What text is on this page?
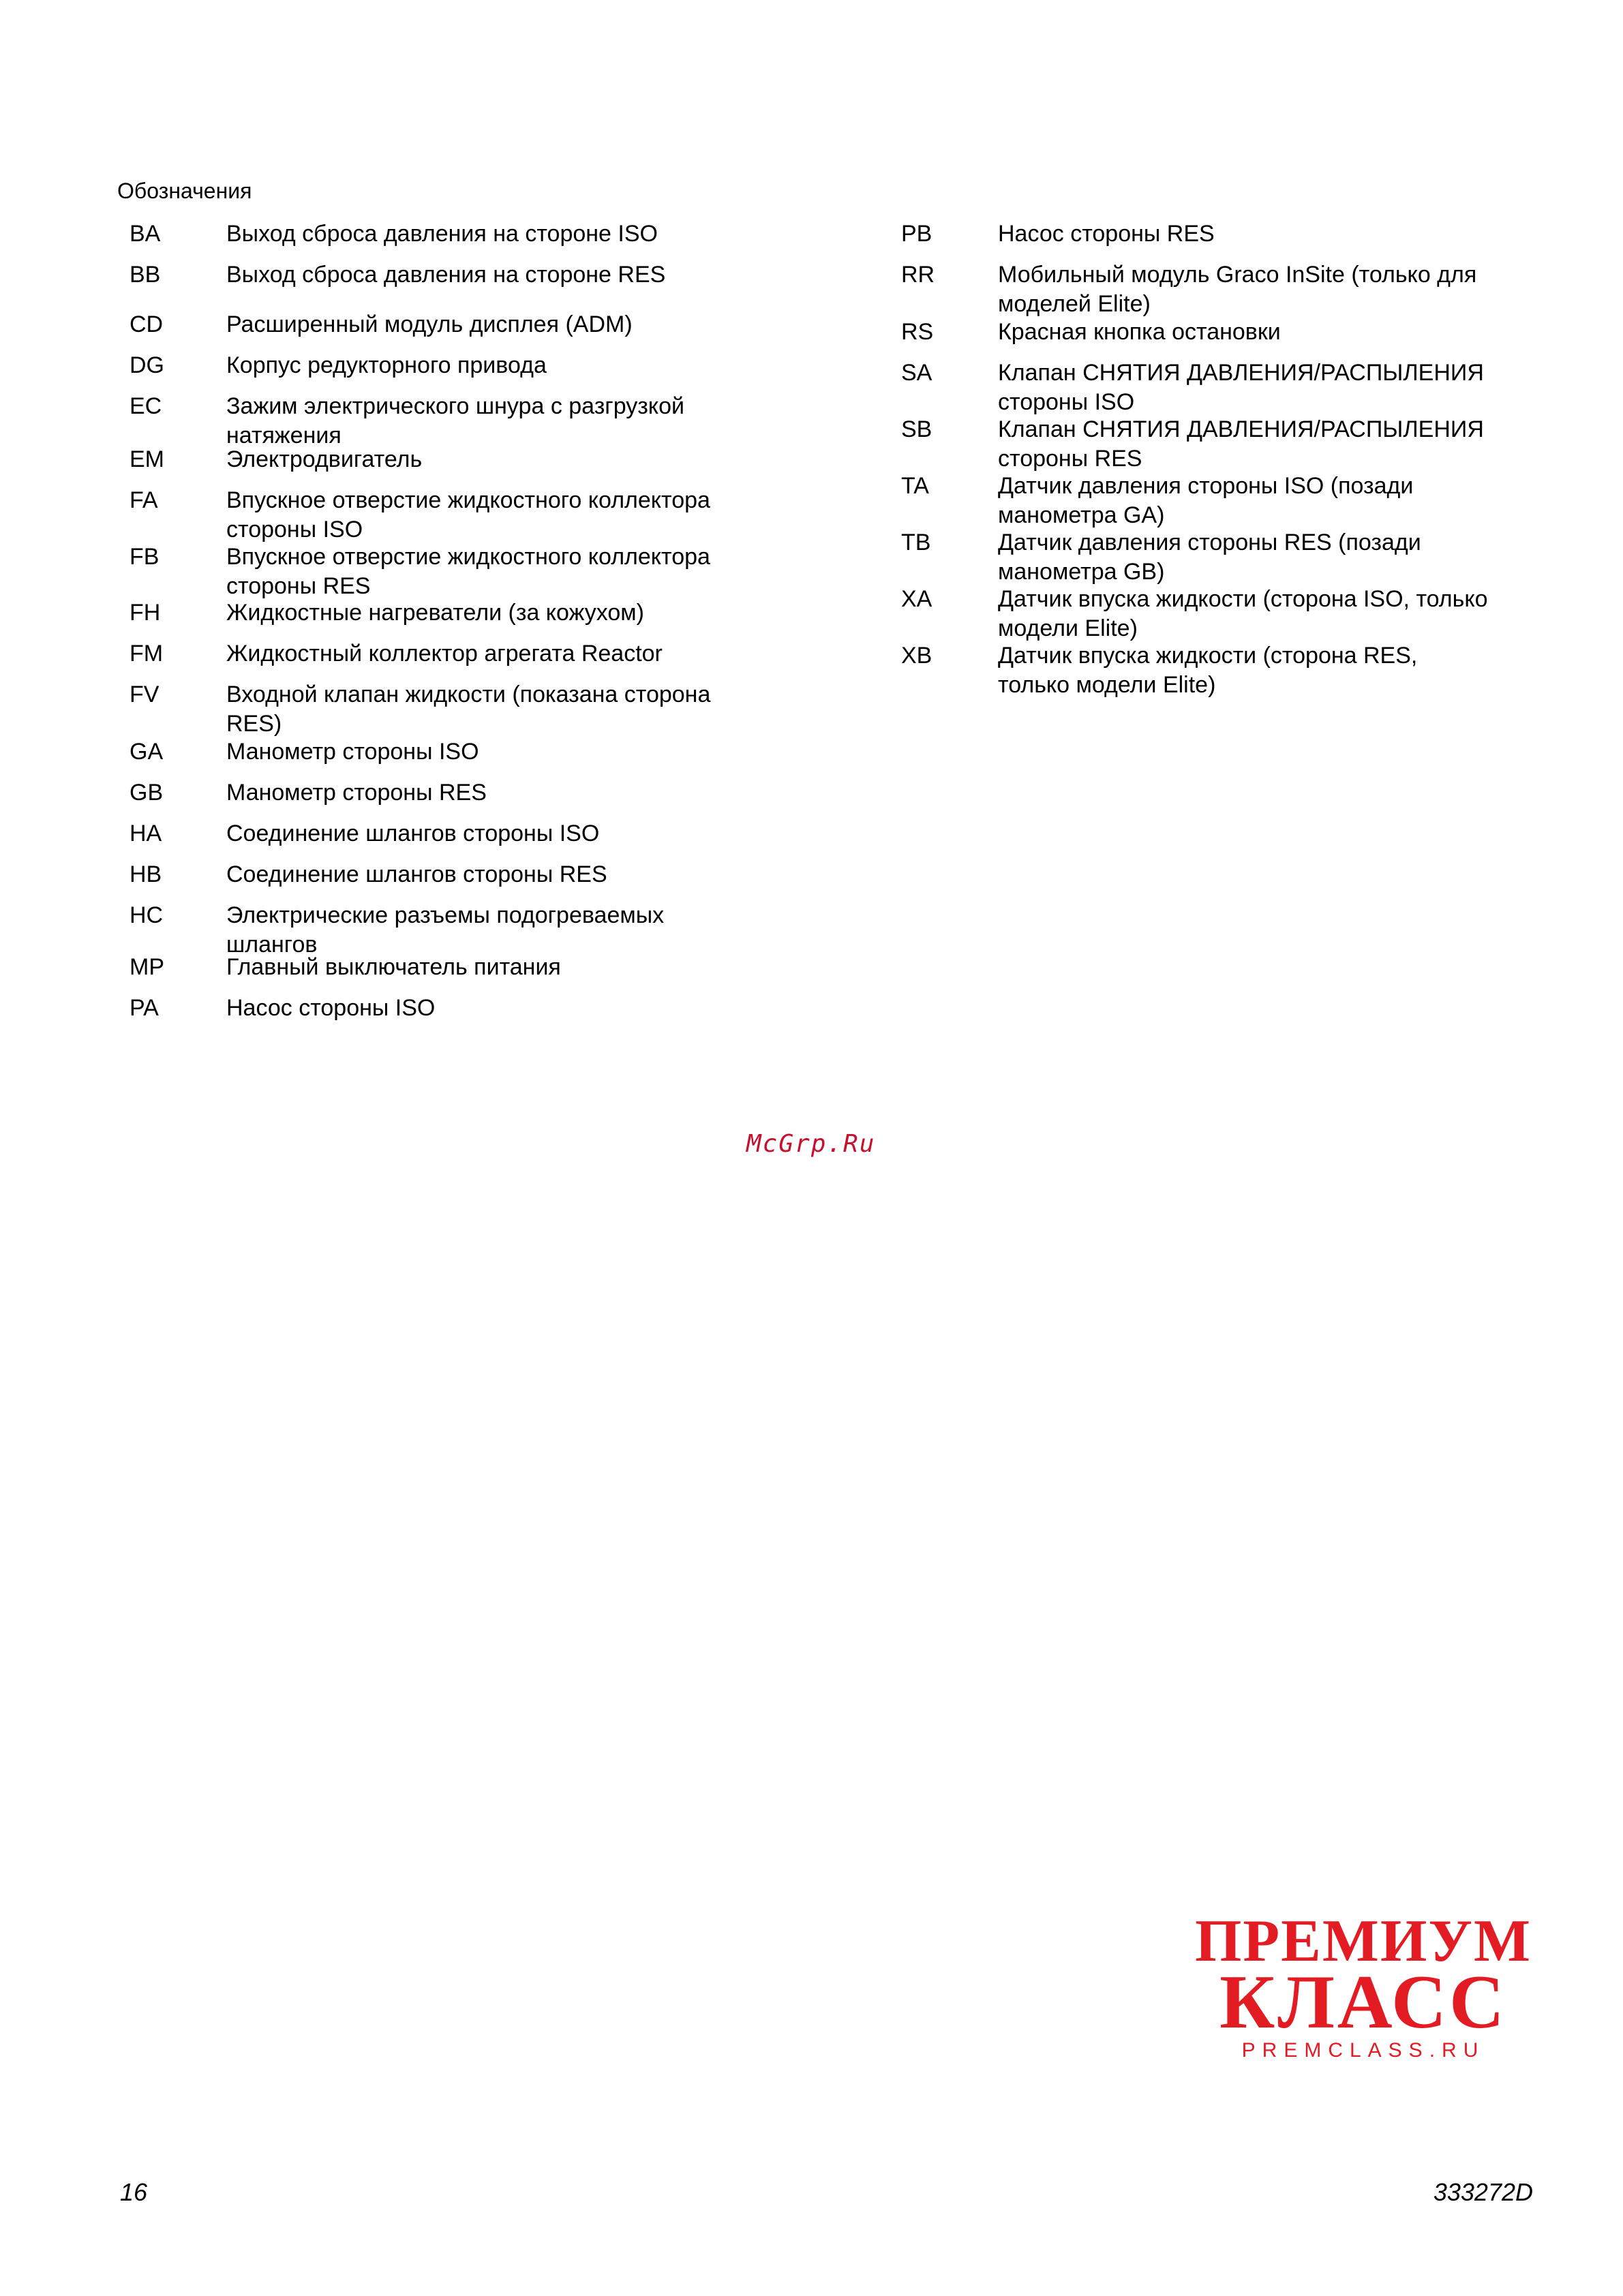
Обозначения
BA	Выход сброса давления на стороне ISO
BB	Выход сброса давления на стороне RES
CD	Расширенный модуль дисплея (ADM)
DG	Корпус редукторного привода
EC	Зажим электрического шнура с разгрузкой
натяжения
EM	Электродвигатель
FA	Впускное отверстие жидкостного коллектора
стороны ISO
FB	Впускное отверстие жидкостного коллектора
стороны RES
FH	Жидкостные нагреватели (за кожухом)
FM	Жидкостный коллектор агрегата Reactor
FV	Входной клапан жидкости (показана сторона
RES)
GA	Манометр стороны ISO
GB	Манометр стороны RES
HA	Соединение шлангов стороны ISO
HB	Соединение шлангов стороны RES
HC	Электрические разъемы подогреваемых
шлангов
MP	Главный выключатель питания
PA	Насос стороны ISO
PB	Насос стороны RES
RR	Мобильный модуль Graco InSite (только для
моделей Elite)
RS	Красная кнопка остановки
SA	Клапан СНЯТИЯ ДАВЛЕНИЯ/РАСПЫЛЕНИЯ
стороны ISO
SB	Клапан СНЯТИЯ ДАВЛЕНИЯ/РАСПЫЛЕНИЯ
стороны RES
TA	Датчик давления стороны ISO (позади
манометра GA)
TB	Датчик давления стороны RES (позади
манометра GB)
XA	Датчик впуска жидкости (сторона ISO, только
модели Elite)
XB	Датчик впуска жидкости (сторона RES,
только модели Elite)
McGrp.Ru
ПРЕМИУМ
КЛАСС
PREMCLASS.RU
16	333272D
